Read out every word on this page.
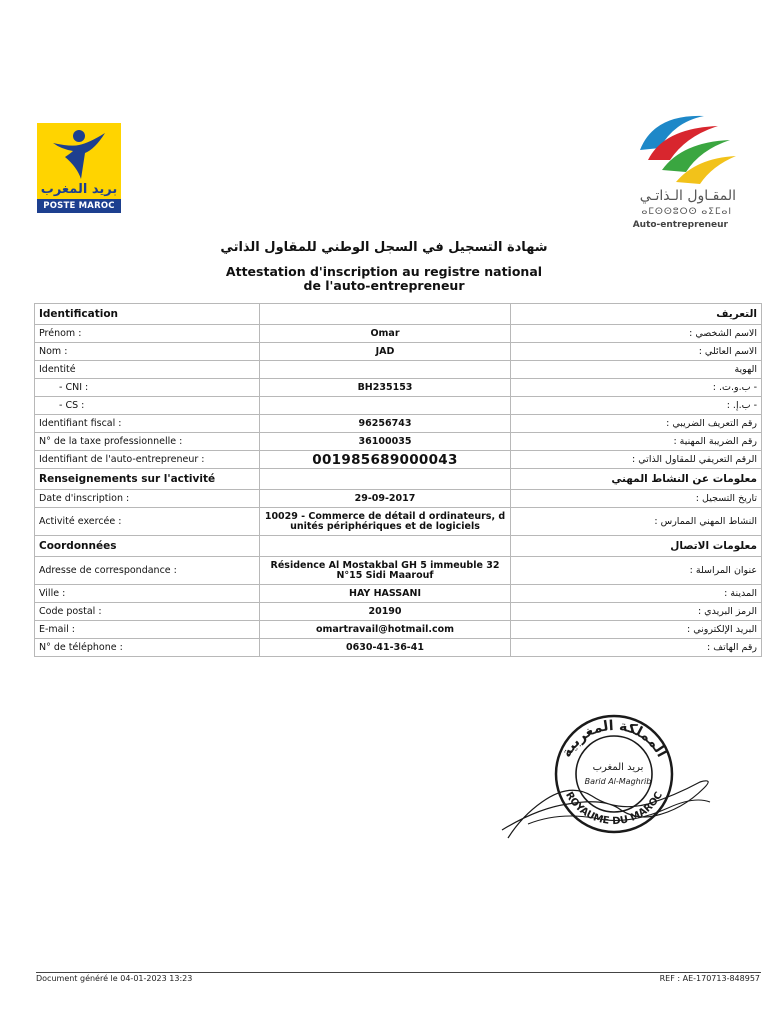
بريد المغرب
POSTE MAROC
المقـاول الـذاتـي
ⴰⵎⵙⵙⵓⵔⵙ ⴰⵉⵎⴰⵏ
Auto-entrepreneur
شهادة التسجيل في السجل الوطني للمقاول الذاتي
Attestation d'inscription au registre national
de l'auto-entrepreneur
Identification		التعريف
Prénom :	Omar	الاسم الشخصي :
Nom :	JAD	الاسم العائلي :
Identité		الهوية
- CNI :	BH235153	- ب.و.ت. :
- CS :		- ب.إ. :
Identifiant fiscal :	96256743	رقم التعريف الضريبي :
N° de la taxe professionnelle :	36100035	رقم الضريبة المهنية :
Identifiant de l'auto-entrepreneur :	001985689000043	الرقم التعريفي للمقاول الذاتي :
Renseignements sur l'activité		معلومات عن النشاط المهني
Date d'inscription :	29-09-2017	تاريخ التسجيل :
Activité exercée :	10029 - Commerce de détail d ordinateurs, d unités périphériques et de logiciels	النشاط المهني الممارس :
Coordonnées		معلومات الاتصال
Adresse de correspondance :	Résidence Al Mostakbal GH 5 immeuble 32 N°15 Sidi Maarouf	عنوان المراسلة :
Ville :	HAY HASSANI	المدينة :
Code postal :	20190	الرمز البريدي :
E-mail :	omartravail@hotmail.com	البريد الإلكتروني :
N° de téléphone :	0630-41-36-41	رقم الهاتف :
المملكة المغربية
ROYAUME DU MAROC
بريد المغرب
Barid Al-Maghrib
Document généré le 04-01-2023 13:23	REF : AE-170713-848957
